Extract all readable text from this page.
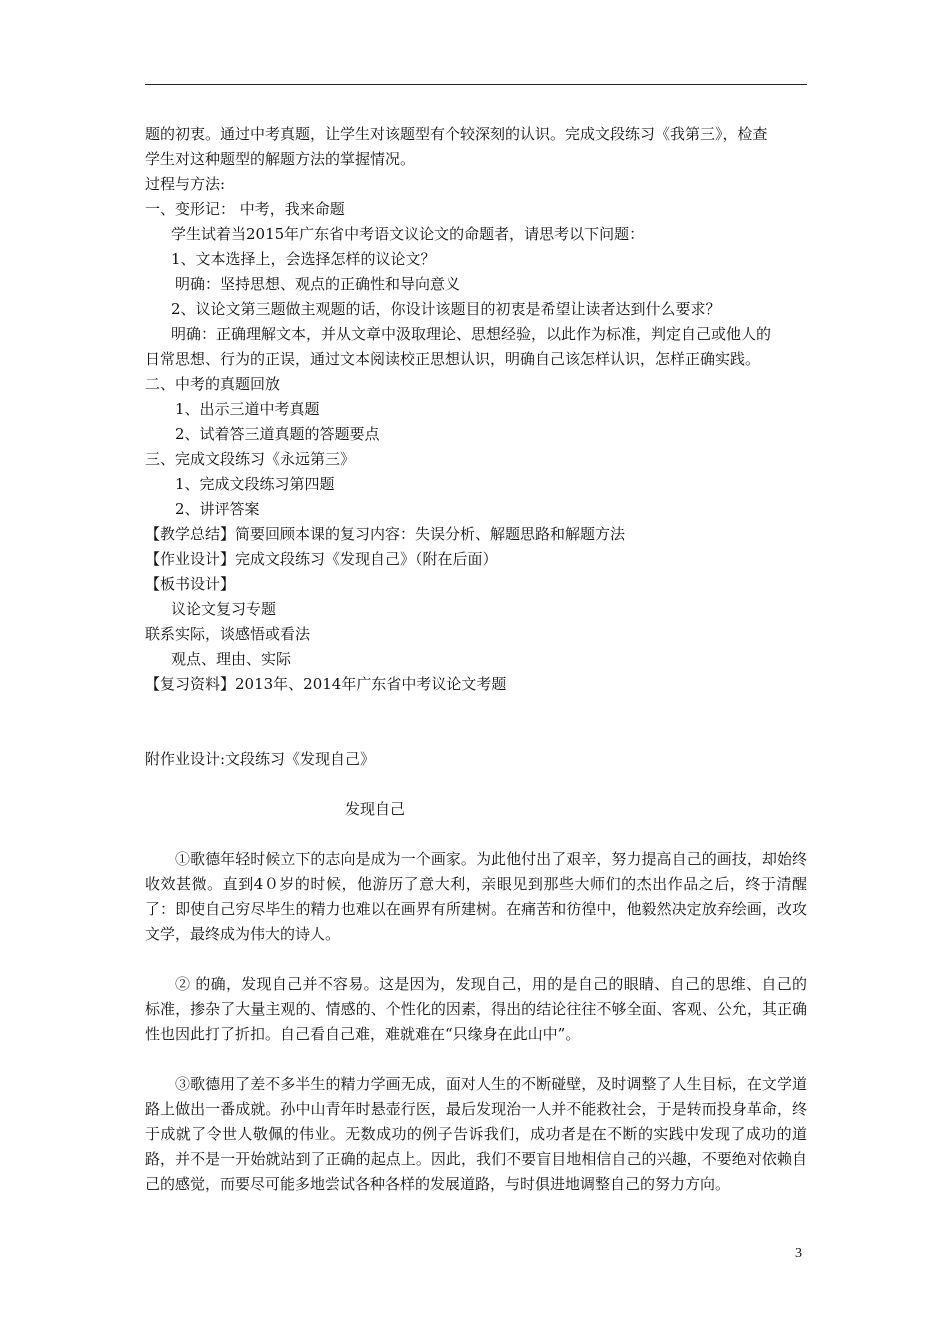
题的初衷。通过中考真题，让学生对该题型有个较深刻的认识。完成文段练习《我第三》，检查
学生对这种题型的解题方法的掌握情况。
过程与方法:
一、变形记： 中考，我来命题
学生试着当2015年广东省中考语文议论文的命题者，请思考以下问题：
1、文本选择上，会选择怎样的议论文？
明确：坚持思想、观点的正确性和导向意义
2、议论文第三题做主观题的话，你设计该题目的初衷是希望让读者达到什么要求？
明确：正确理解文本，并从文章中汲取理论、思想经验，以此作为标准，判定自己或他人的
日常思想、行为的正误，通过文本阅读校正思想认识，明确自己该怎样认识，怎样正确实践。
二、中考的真题回放
1、出示三道中考真题
2、试着答三道真题的答题要点
三、完成文段练习《永远第三》
1、完成文段练习第四题
2、讲评答案
【教学总结】简要回顾本课的复习内容：失误分析、解题思路和解题方法
【作业设计】完成文段练习《发现自己》（附在后面）
【板书设计】
议论文复习专题
联系实际，谈感悟或看法
观点、理由、实际
【复习资料】2013年、2014年广东省中考议论文考题
附作业设计:文段练习《发现自己》
发现自己

①歌德年轻时候立下的志向是成为一个画家。为此他付出了艰辛，努力提高自己的画技，却始终收效甚微。直到4０岁的时候，他游历了意大利，亲眼见到那些大师们的杰出作品之后，终于清醒了：即使自己穷尽毕生的精力也难以在画界有所建树。在痛苦和彷徨中，他毅然决定放弃绘画，改攻文学，最终成为伟大的诗人。

② 的确，发现自己并不容易。这是因为，发现自己，用的是自己的眼睛、自己的思维、自己的标准，掺杂了大量主观的、情感的、个性化的因素，得出的结论往往不够全面、客观、公允，其正确性也因此打了折扣。自己看自己难，难就难在“只缘身在此山中”。

③歌德用了差不多半生的精力学画无成，面对人生的不断碰壁，及时调整了人生目标，在文学道路上做出一番成就。孙中山青年时悬壶行医，最后发现治一人并不能救社会，于是转而投身革命，终于成就了令世人敬佩的伟业。无数成功的例子告诉我们，成功者是在不断的实践中发现了成功的道路，并不是一开始就站到了正确的起点上。因此，我们不要盲目地相信自己的兴趣，不要绝对依赖自己的感觉，而要尽可能多地尝试各种各样的发展道路，与时俱进地调整自己的努力方向。

3
